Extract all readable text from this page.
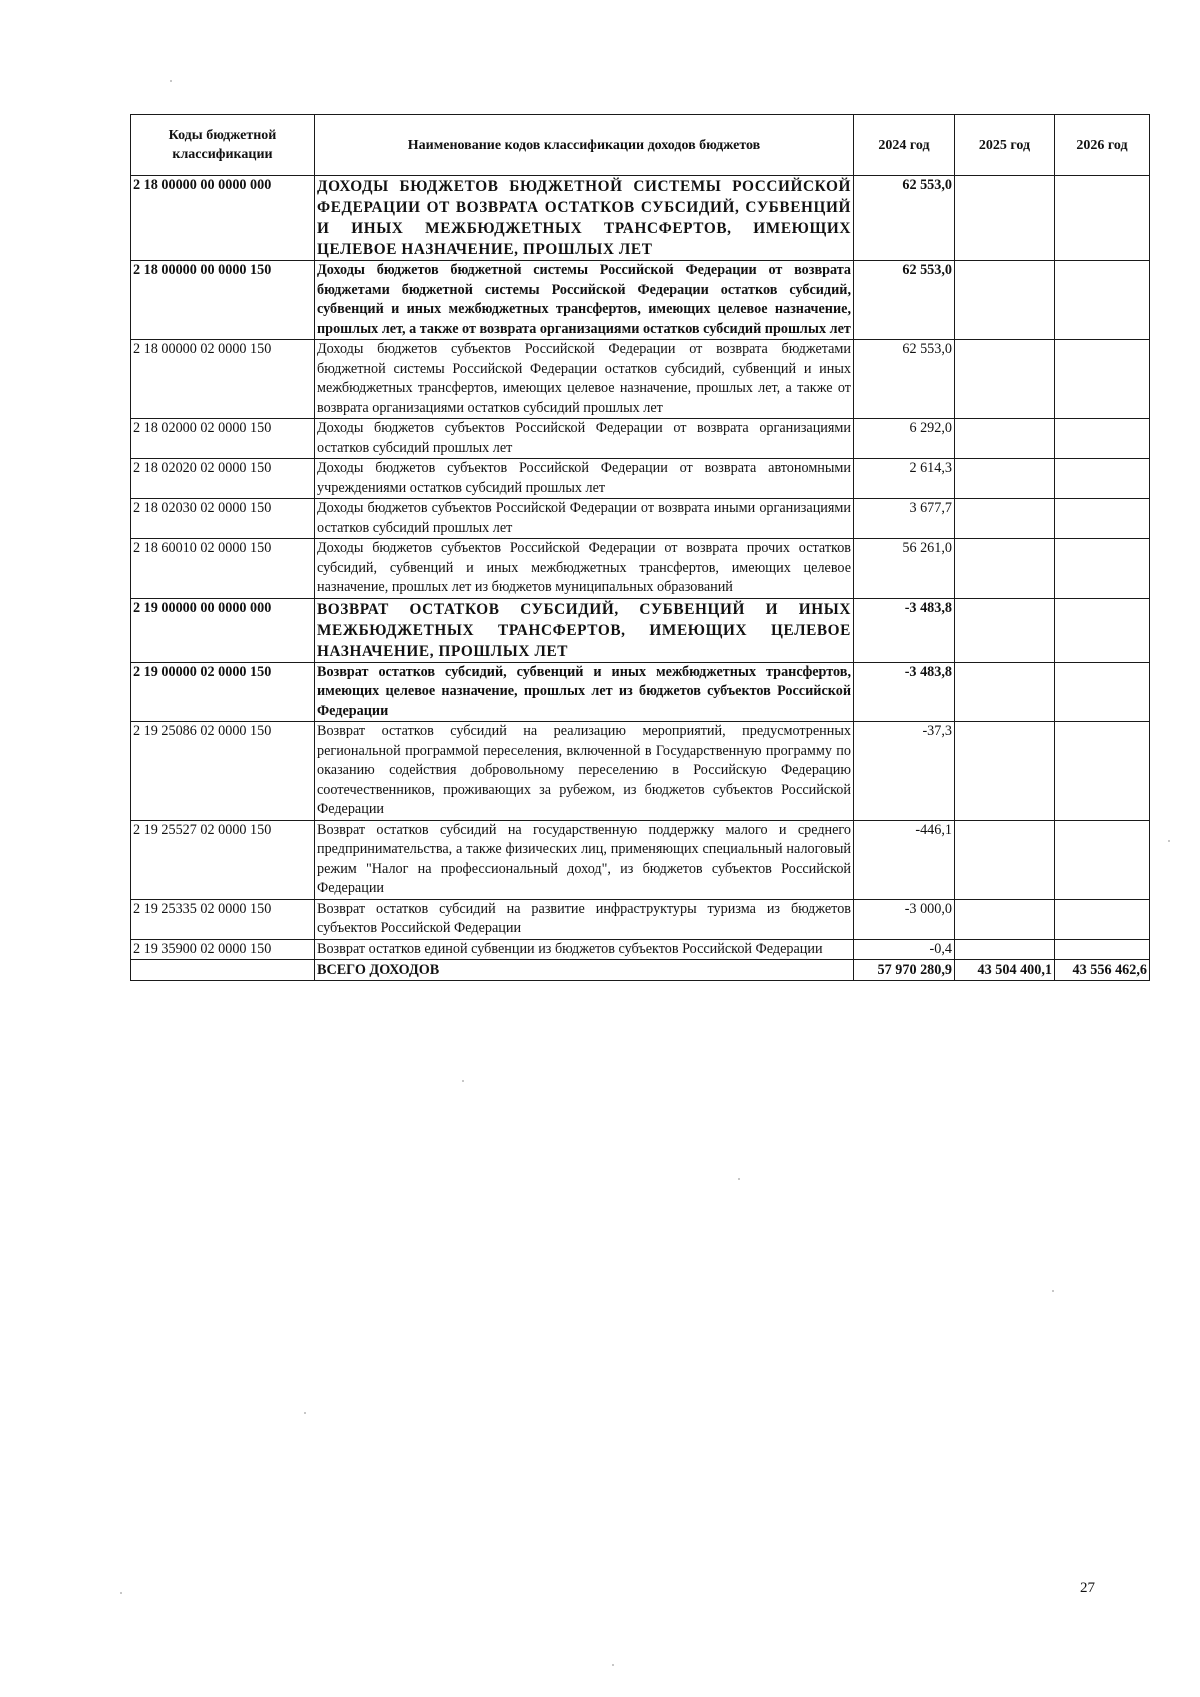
Коды бюджетной классификации	Наименование кодов классификации доходов бюджетов	2024 год	2025 год	2026 год
2 18 00000 00 0000 000	ДОХОДЫ БЮДЖЕТОВ БЮДЖЕТНОЙ СИСТЕМЫ РОССИЙСКОЙ ФЕДЕРАЦИИ ОТ ВОЗВРАТА ОСТАТКОВ СУБСИДИЙ, СУБВЕНЦИЙ И ИНЫХ МЕЖБЮДЖЕТНЫХ ТРАНСФЕРТОВ, ИМЕЮЩИХ ЦЕЛЕВОЕ НАЗНАЧЕНИЕ, ПРОШЛЫХ ЛЕТ	62 553,0		
2 18 00000 00 0000 150	Доходы бюджетов бюджетной системы Российской Федерации от возврата бюджетами бюджетной системы Российской Федерации остатков субсидий, субвенций и иных межбюджетных трансфертов, имеющих целевое назначение, прошлых лет, а также от возврата организациями остатков субсидий прошлых лет	62 553,0		
2 18 00000 02 0000 150	Доходы бюджетов субъектов Российской Федерации от возврата бюджетами бюджетной системы Российской Федерации остатков субсидий, субвенций и иных межбюджетных трансфертов, имеющих целевое назначение, прошлых лет, а также от возврата организациями остатков субсидий прошлых лет	62 553,0		
2 18 02000 02 0000 150	Доходы бюджетов субъектов Российской Федерации от возврата организациями остатков субсидий прошлых лет	6 292,0		
2 18 02020 02 0000 150	Доходы бюджетов субъектов Российской Федерации от возврата автономными учреждениями остатков субсидий прошлых лет	2 614,3		
2 18 02030 02 0000 150	Доходы бюджетов субъектов Российской Федерации от возврата иными организациями остатков субсидий прошлых лет	3 677,7		
2 18 60010 02 0000 150	Доходы бюджетов субъектов Российской Федерации от возврата прочих остатков субсидий, субвенций и иных межбюджетных трансфертов, имеющих целевое назначение, прошлых лет из бюджетов муниципальных образований	56 261,0		
2 19 00000 00 0000 000	ВОЗВРАТ ОСТАТКОВ СУБСИДИЙ, СУБВЕНЦИЙ И ИНЫХ МЕЖБЮДЖЕТНЫХ ТРАНСФЕРТОВ, ИМЕЮЩИХ ЦЕЛЕВОЕ НАЗНАЧЕНИЕ, ПРОШЛЫХ ЛЕТ	-3 483,8		
2 19 00000 02 0000 150	Возврат остатков субсидий, субвенций и иных межбюджетных трансфертов, имеющих целевое назначение, прошлых лет из бюджетов субъектов Российской Федерации	-3 483,8		
2 19 25086 02 0000 150	Возврат остатков субсидий на реализацию мероприятий, предусмотренных региональной программой переселения, включенной в Государственную программу по оказанию содействия добровольному переселению в Российскую Федерацию соотечественников, проживающих за рубежом, из бюджетов субъектов Российской Федерации	-37,3		
2 19 25527 02 0000 150	Возврат остатков субсидий на государственную поддержку малого и среднего предпринимательства, а также физических лиц, применяющих специальный налоговый режим "Налог на профессиональный доход", из бюджетов субъектов Российской Федерации	-446,1		
2 19 25335 02 0000 150	Возврат остатков субсидий на развитие инфраструктуры туризма из бюджетов субъектов Российской Федерации	-3 000,0		
2 19 35900 02 0000 150	Возврат остатков единой субвенции из бюджетов субъектов Российской Федерации	-0,4		
	ВСЕГО ДОХОДОВ	57 970 280,9	43 504 400,1	43 556 462,6
27
